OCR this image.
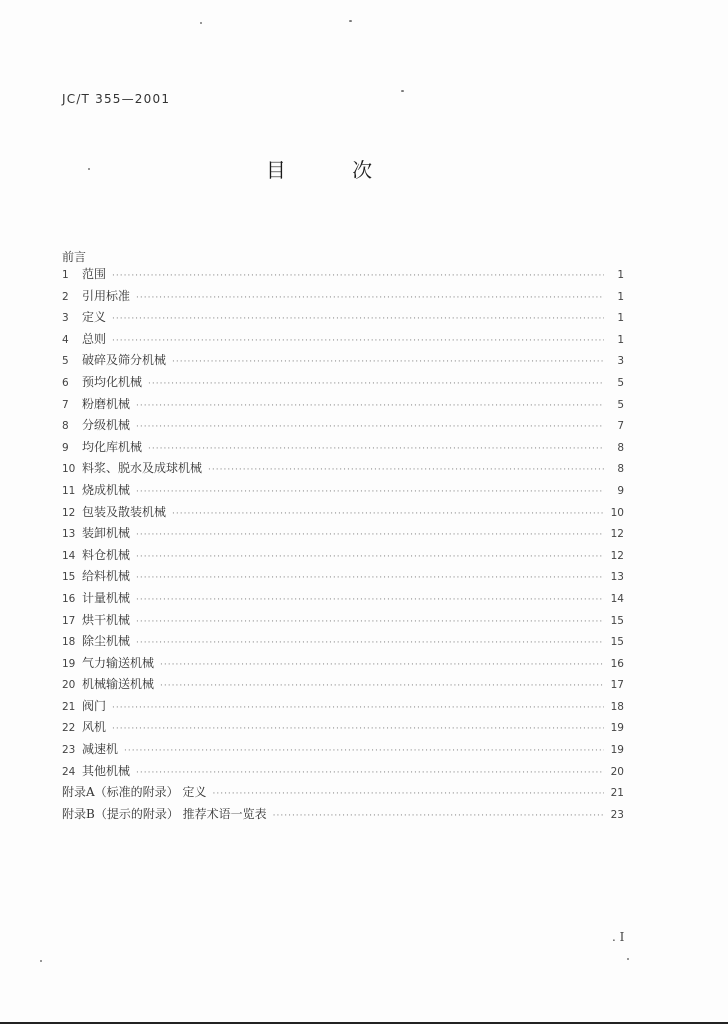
JC/T 355—2001
目 次
前言
1	范围 ·····	1
2	引用标准 ·····	1
3	定义 ·····	1
4	总则 ·····	1
5	破碎及筛分机械 ·····	3
6	预均化机械 ·····	5
7	粉磨机械 ·····	5
8	分级机械 ·····	7
9	均化库机械 ·····	8
10 料浆、脱水及成球机械 ·····	8
11 烧成机械 ·····	9
12 包装及散装机械 ·····	10
13 装卸机械 ·····	12
14 料仓机械 ·····	12
15 给料机械 ·····	13
16 计量机械 ·····	14
17 烘干机械 ·····	15
18 除尘机械 ·····	15
19 气力输送机械 ·····	16
20 机械输送机械 ·····	17
21 阀门 ·····	18
22 风机 ·····	19
23 减速机 ·····	19
24 其他机械 ·····	20
附录A（标准的附录） 定义 ·····	21
附录B（提示的附录） 推荐术语一览表 ·····	23
. I
